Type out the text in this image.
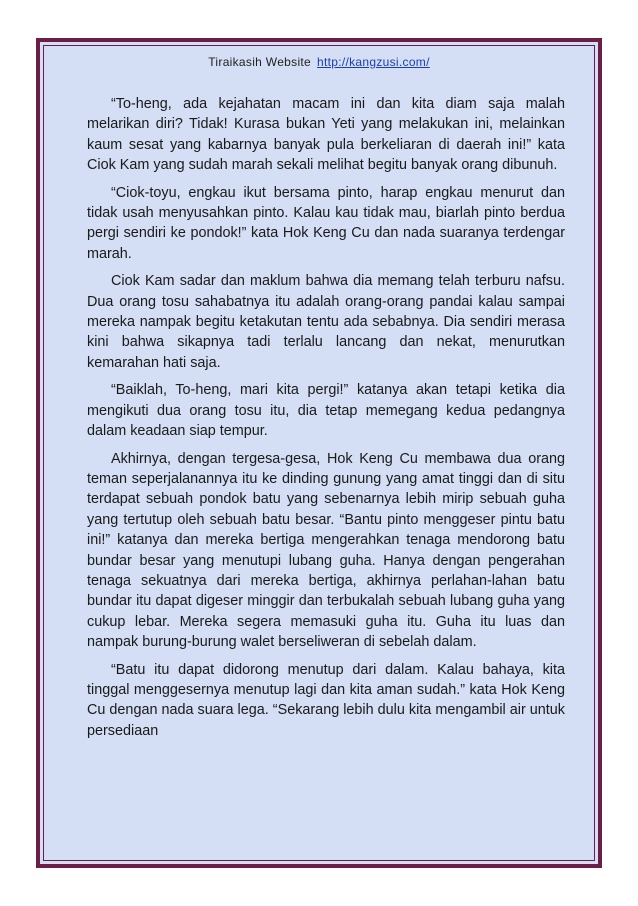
Tiraikasih Website http://kangzusi.com/

“To-heng, ada kejahatan macam ini dan kita diam saja malah melarikan diri? Tidak! Kurasa bukan Yeti yang melakukan ini, melainkan kaum sesat yang kabarnya banyak pula berkeliaran di daerah ini!” kata Ciok Kam yang sudah marah sekali melihat begitu banyak orang dibunuh.

“Ciok-toyu, engkau ikut bersama pinto, harap engkau menurut dan tidak usah menyusahkan pinto. Kalau kau tidak mau, biarlah pinto berdua pergi sendiri ke pondok!” kata Hok Keng Cu dan nada suaranya terdengar marah.

Ciok Kam sadar dan maklum bahwa dia memang telah terburu nafsu. Dua orang tosu sahabatnya itu adalah orang-orang pandai kalau sampai mereka nampak begitu ketakutan tentu ada sebabnya. Dia sendiri merasa kini bahwa sikapnya tadi terlalu lancang dan nekat, menurutkan kemarahan hati saja.

“Baiklah, To-heng, mari kita pergi!” katanya akan tetapi ketika dia mengikuti dua orang tosu itu, dia tetap memegang kedua pedangnya dalam keadaan siap tempur.

Akhirnya, dengan tergesa-gesa, Hok Keng Cu membawa dua orang teman seperjalanannya itu ke dinding gunung yang amat tinggi dan di situ terdapat sebuah pondok batu yang sebenarnya lebih mirip sebuah guha yang tertutup oleh sebuah batu besar. “Bantu pinto menggeser pintu batu ini!” katanya dan mereka bertiga mengerahkan tenaga mendorong batu bundar besar yang menutupi lubang guha. Hanya dengan pengerahan tenaga sekuatnya dari mereka bertiga, akhirnya perlahan-lahan batu bundar itu dapat digeser minggir dan terbukalah sebuah lubang guha yang cukup lebar. Mereka segera memasuki guha itu. Guha itu luas dan nampak burung-burung walet berseliweran di sebelah dalam.

“Batu itu dapat didorong menutup dari dalam. Kalau bahaya, kita tinggal menggesernya menutup lagi dan kita aman sudah.” kata Hok Keng Cu dengan nada suara lega. “Sekarang lebih dulu kita mengambil air untuk persediaan
